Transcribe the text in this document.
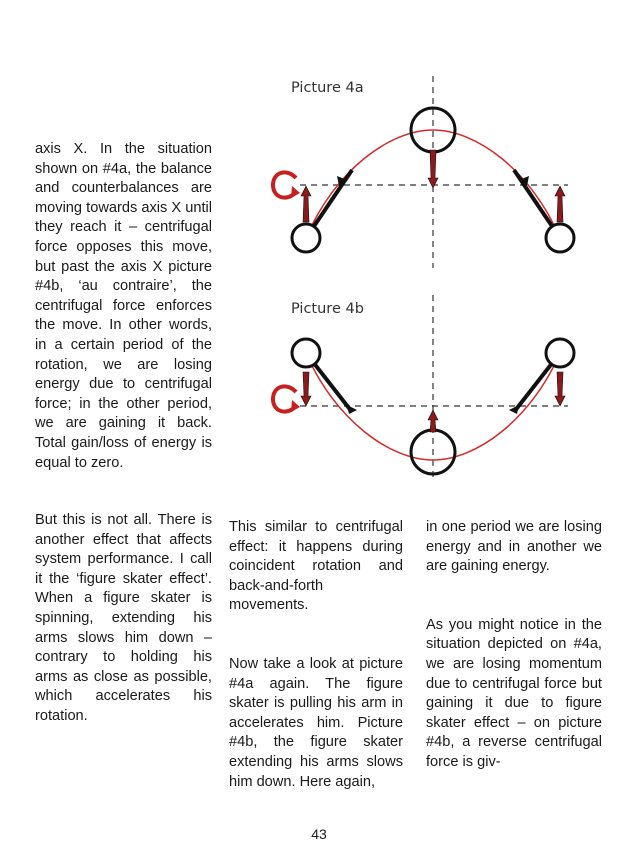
Picture 4a
Picture 4b

axis X. In the situation shown on #4a, the balance and counterbalances are moving towards axis X until they reach it – centrifugal force opposes this move, but past the axis X picture #4b, ‘au contraire’, the centrifugal force enforces the move. In other words, in a certain period of the rotation, we are losing energy due to centrifugal force; in the other period, we are gaining it back. Total gain/loss of energy is equal to zero.

But this is not all. There is another effect that affects system performance. I call it the ‘figure skater effect’. When a figure skater is spinning, extending his arms slows him down – contrary to holding his arms as close as possible, which accelerates his rotation.

This similar to centrifugal effect: it happens during coincident rotation and back-and-forth movements.

Now take a look at picture #4a again. The figure skater is pulling his arm in accelerates him. Picture #4b, the figure skater extending his arms slows him down. Here again,

in one period we are losing energy and in another we are gaining energy.

As you might notice in the situation depicted on #4a, we are losing momentum due to centrifugal force but gaining it due to figure skater effect – on picture #4b, a reverse centrifugal force is giv-

43
